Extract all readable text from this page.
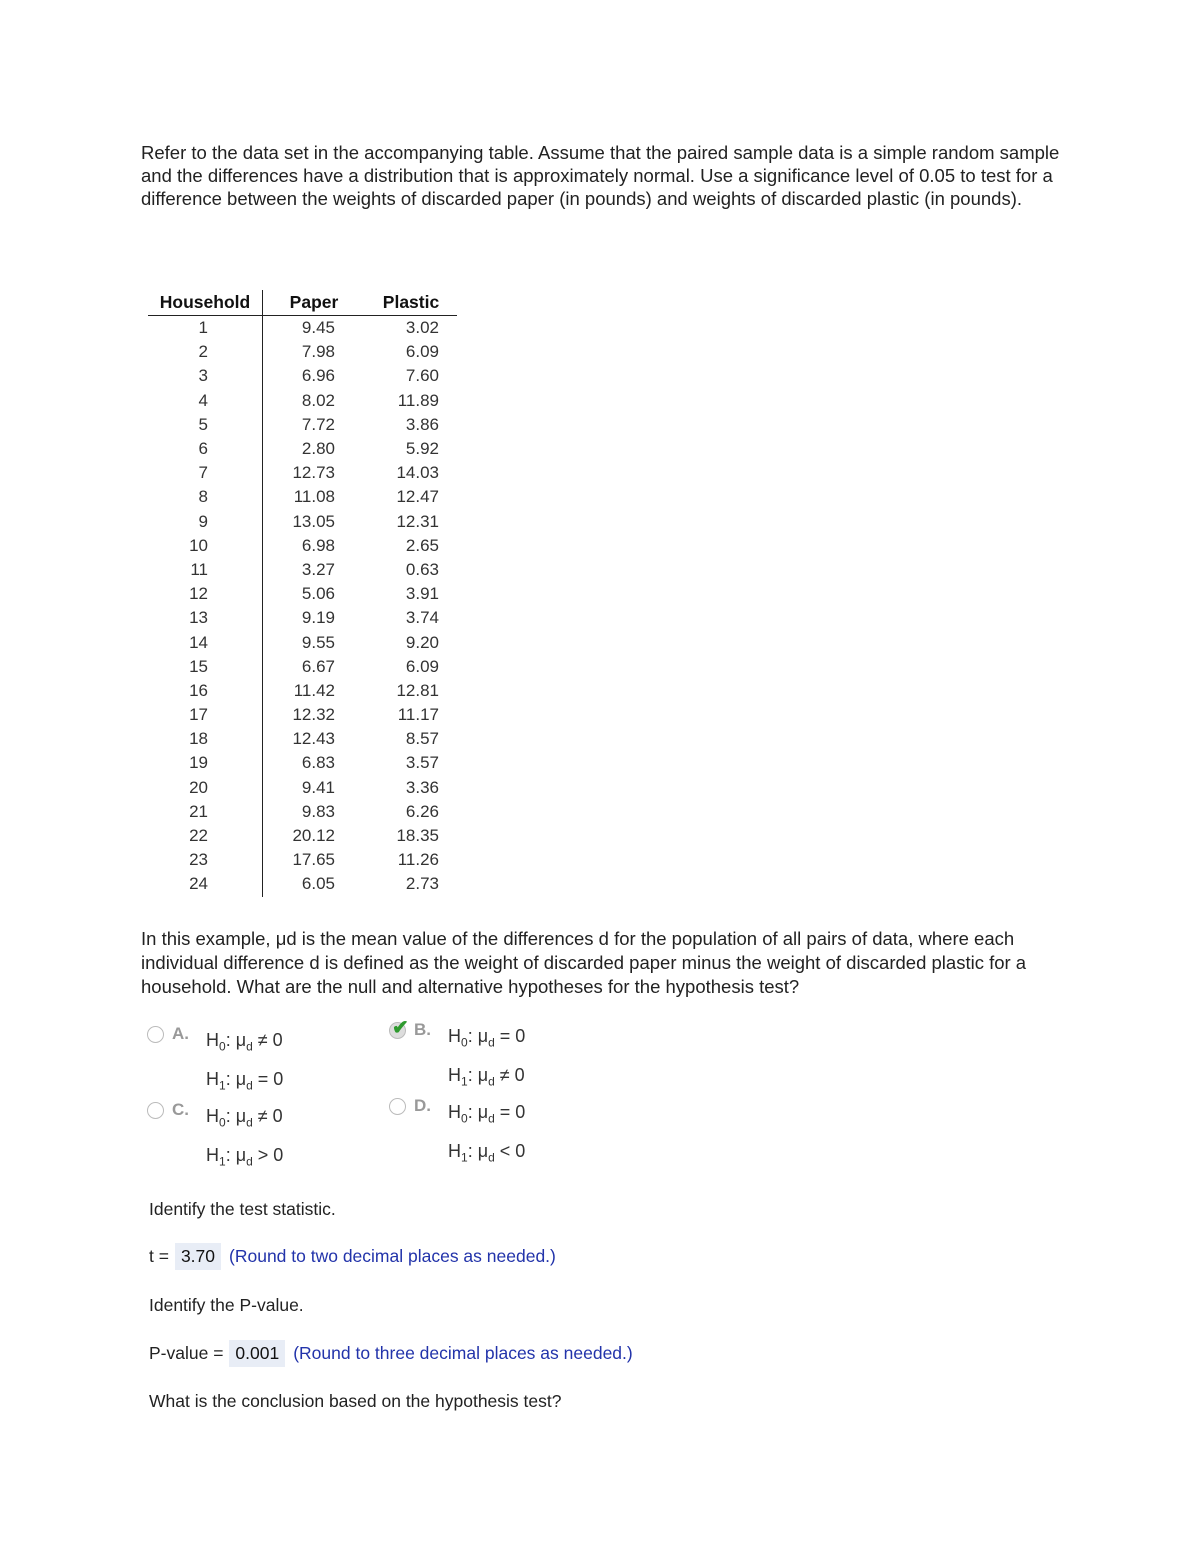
Refer to the data set in the accompanying table. Assume that the paired sample data is a simple random sample and the differences have a distribution that is approximately normal. Use a significance level of 0.05 to test for a difference between the weights of discarded paper (in pounds) and weights of discarded plastic (in pounds).

Household	Paper	Plastic
1	9.45	3.02
2	7.98	6.09
3	6.96	7.60
4	8.02	11.89
5	7.72	3.86
6	2.80	5.92
7	12.73	14.03
8	11.08	12.47
9	13.05	12.31
10	6.98	2.65
11	3.27	0.63
12	5.06	3.91
13	9.19	3.74
14	9.55	9.20
15	6.67	6.09
16	11.42	12.81
17	12.32	11.17
18	12.43	8.57
19	6.83	3.57
20	9.41	3.36
21	9.83	6.26
22	20.12	18.35
23	17.65	11.26
24	6.05	2.73

In this example, μd is the mean value of the differences d for the population of all pairs of data, where each individual difference d is defined as the weight of discarded paper minus the weight of discarded plastic for a household. What are the null and alternative hypotheses for the hypothesis test?

A. $H_0$: $\mu_d \ne 0$
$H_1$: $\mu_d = 0$
✔ B. $H_0$: $\mu_d = 0$
$H_1$: $\mu_d \ne 0$
C. $H_0$: $\mu_d \ne 0$
$H_1$: $\mu_d > 0$
D. $H_0$: $\mu_d = 0$
$H_1$: $\mu_d < 0$
Identify the test statistic.
t = 3.70 (Round to two decimal places as needed.)
Identify the P-value.
P-value = 0.001 (Round to three decimal places as needed.)
What is the conclusion based on the hypothesis test?
